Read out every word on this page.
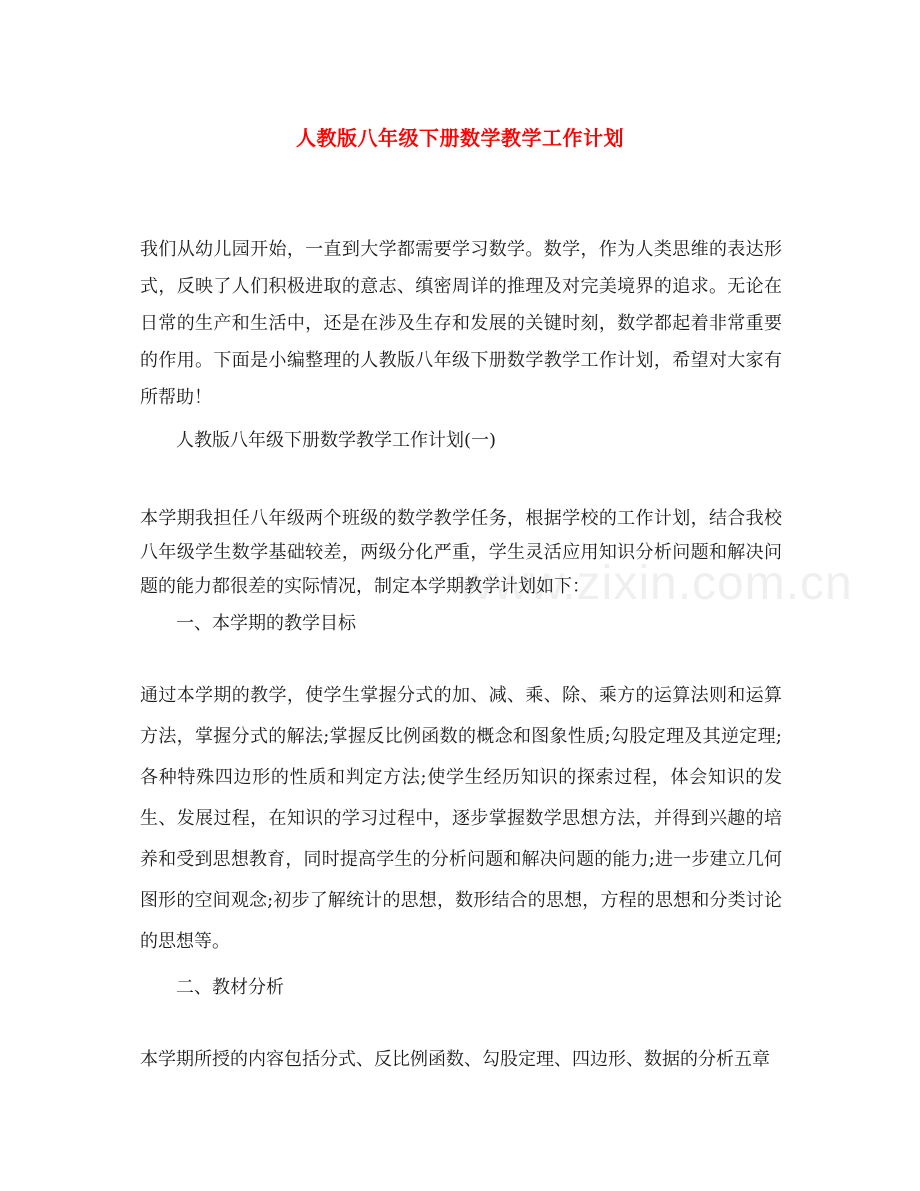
人教版八年级下册数学教学工作计划

我们从幼儿园开始，一直到大学都需要学习数学。数学，作为人类思维的表达形式，反映了人们积极进取的意志、缜密周详的推理及对完美境界的追求。无论在日常的生产和生活中，还是在涉及生存和发展的关键时刻，数学都起着非常重要的作用。下面是小编整理的人教版八年级下册数学教学工作计划，希望对大家有所帮助！

人教版八年级下册数学教学工作计划(一)

本学期我担任八年级两个班级的数学教学任务，根据学校的工作计划，结合我校八年级学生数学基础较差，两级分化严重，学生灵活应用知识分析问题和解决问题的能力都很差的实际情况，制定本学期教学计划如下：

一、本学期的教学目标

通过本学期的教学，使学生掌握分式的加、减、乘、除、乘方的运算法则和运算方法，掌握分式的解法;掌握反比例函数的概念和图象性质;勾股定理及其逆定理;各种特殊四边形的性质和判定方法;使学生经历知识的探索过程，体会知识的发生、发展过程，在知识的学习过程中，逐步掌握数学思想方法，并得到兴趣的培养和受到思想教育，同时提高学生的分析问题和解决问题的能力;进一步建立几何图形的空间观念;初步了解统计的思想，数形结合的思想，方程的思想和分类讨论的思想等。

二、教材分析

本学期所授的内容包括分式、反比例函数、勾股定理、四边形、数据的分析五章

www.zixin.com.cn
